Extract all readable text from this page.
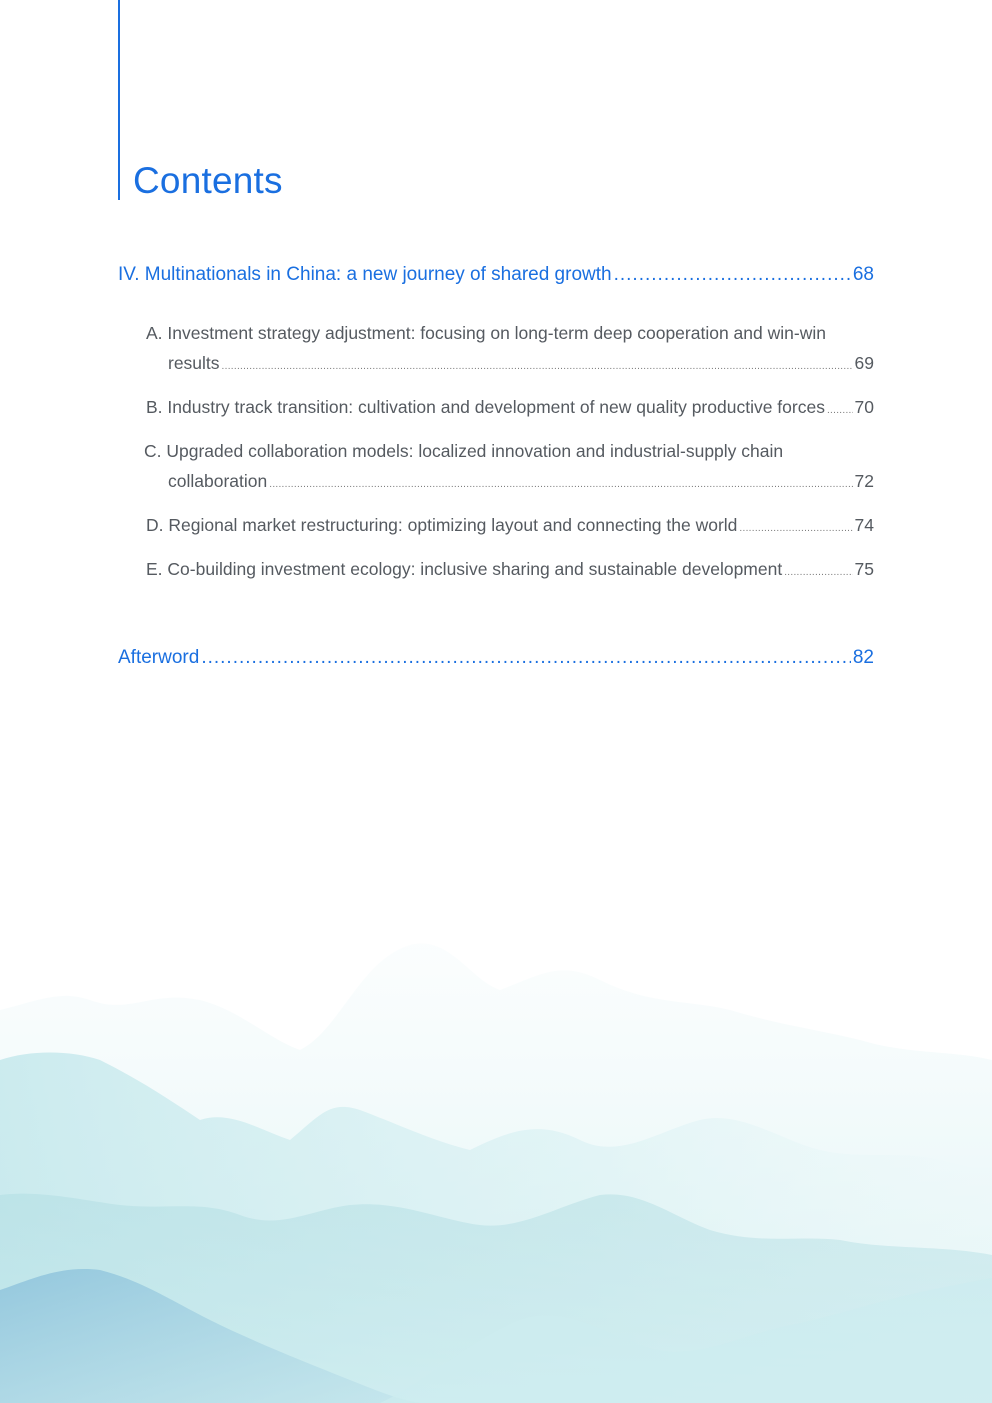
Contents
IV. Multinationals in China: a new journey of shared growth .....	68
A. Investment strategy adjustment: focusing on long-term deep cooperation and win-win
results .....	69
B. Industry track transition: cultivation and development of new quality productive forces ..... 70
C. Upgraded collaboration models: localized innovation and industrial-supply chain
collaboration .....	72
D. Regional market restructuring: optimizing layout and connecting the world .....	74
E. Co-building investment ecology: inclusive sharing and sustainable development .....	75
Afterword .....	82
